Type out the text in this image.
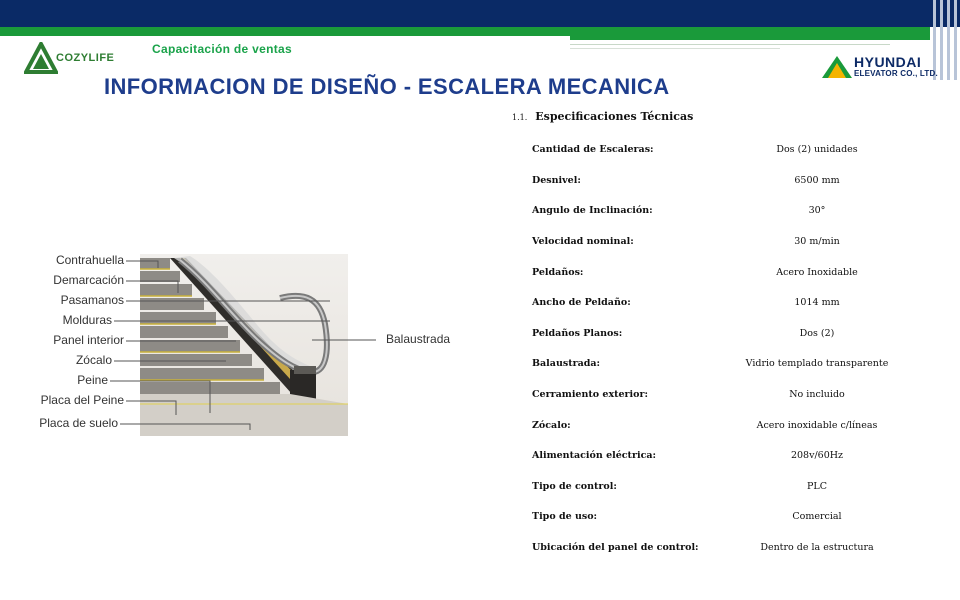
Capacitación de ventas
COZYLIFE	HYUNDAI
ELEVATOR CO., LTD.
INFORMACION DE DISEÑO - ESCALERA MECANICA
1.1. Especificaciones Técnicas
Cantidad de Escaleras:	Dos (2) unidades
Desnivel:	6500 mm
Angulo de Inclinación:	30°
Velocidad nominal:	30 m/min
Peldaños:	Acero Inoxidable
Ancho de Peldaño:	1014 mm
Peldaños Planos:	Dos (2)
Balaustrada:	Vidrio templado transparente
Cerramiento exterior:	No incluido
Zócalo:	Acero inoxidable c/líneas
Alimentación eléctrica:	208v/60Hz
Tipo de control:	PLC
Tipo de uso:	Comercial
Ubicación del panel de control:	Dentro de la estructura
Contrahuella
Demarcación
Pasamanos
Molduras
Panel interior
Zócalo
Peine
Placa del Peine
Placa de suelo
Balaustrada
